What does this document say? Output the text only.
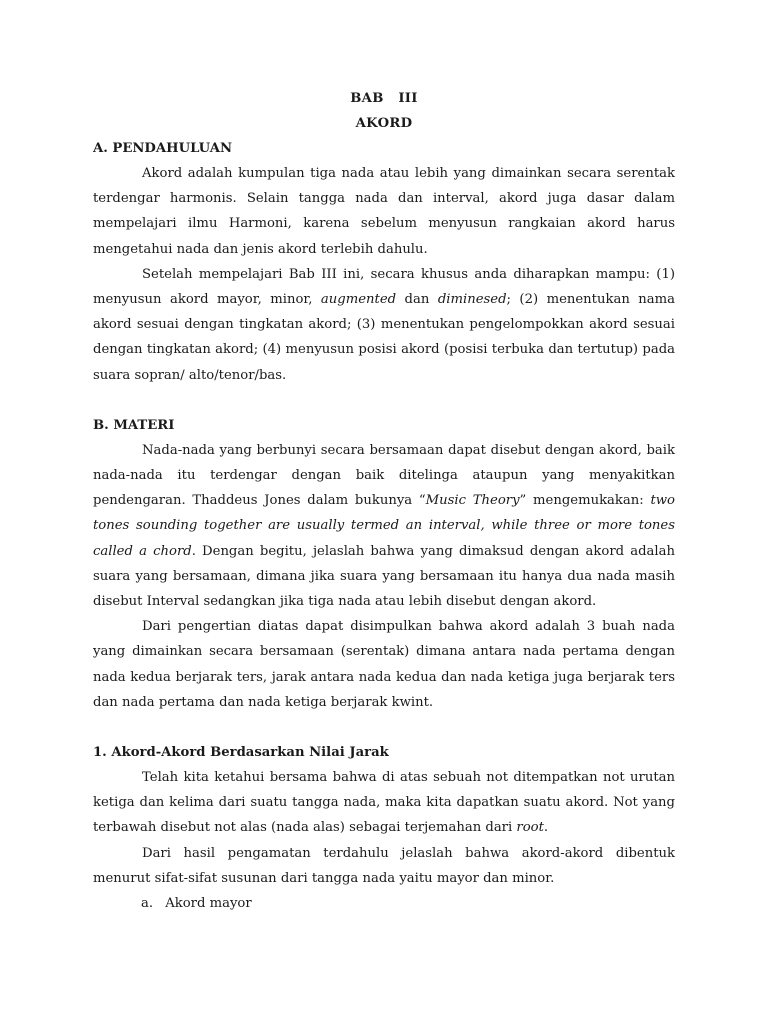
BAB   III
AKORD
A. PENDAHULUAN

Akord adalah kumpulan tiga nada atau lebih yang dimainkan secara serentak terdengar harmonis. Selain tangga nada dan interval, akord juga dasar dalam mempelajari ilmu Harmoni, karena sebelum menyusun rangkaian akord harus mengetahui nada dan jenis akord terlebih dahulu.

Setelah mempelajari Bab III ini, secara khusus anda diharapkan mampu: (1) menyusun akord mayor, minor, augmented dan diminesed; (2) menentukan nama akord sesuai dengan tingkatan akord; (3) menentukan pengelompokkan akord sesuai dengan tingkatan akord; (4) menyusun posisi akord (posisi terbuka dan tertutup) pada suara sopran/ alto/tenor/bas.

B. MATERI

Nada-nada yang berbunyi secara bersamaan dapat disebut dengan akord, baik nada-nada itu terdengar dengan baik ditelinga ataupun yang menyakitkan pendengaran. Thaddeus Jones dalam bukunya “Music Theory” mengemukakan: two tones sounding together are usually termed an interval, while three or more tones called a chord. Dengan begitu, jelaslah bahwa yang dimaksud dengan akord adalah suara yang bersamaan, dimana jika suara yang bersamaan itu hanya dua nada masih disebut Interval sedangkan jika tiga nada atau lebih disebut dengan akord.

Dari pengertian diatas dapat disimpulkan bahwa akord adalah 3 buah nada yang dimainkan secara bersamaan (serentak) dimana antara nada pertama dengan nada kedua berjarak ters, jarak antara nada kedua dan nada ketiga juga berjarak ters dan nada pertama dan nada ketiga berjarak kwint.

1. Akord-Akord Berdasarkan Nilai Jarak

Telah kita ketahui bersama bahwa di atas sebuah not ditempatkan not urutan ketiga dan kelima dari suatu tangga nada, maka kita dapatkan suatu akord. Not yang terbawah disebut not alas (nada alas) sebagai terjemahan dari root.

Dari hasil pengamatan terdahulu jelaslah bahwa akord-akord dibentuk menurut sifat-sifat susunan dari tangga nada yaitu mayor dan minor.

a. Akord mayor
